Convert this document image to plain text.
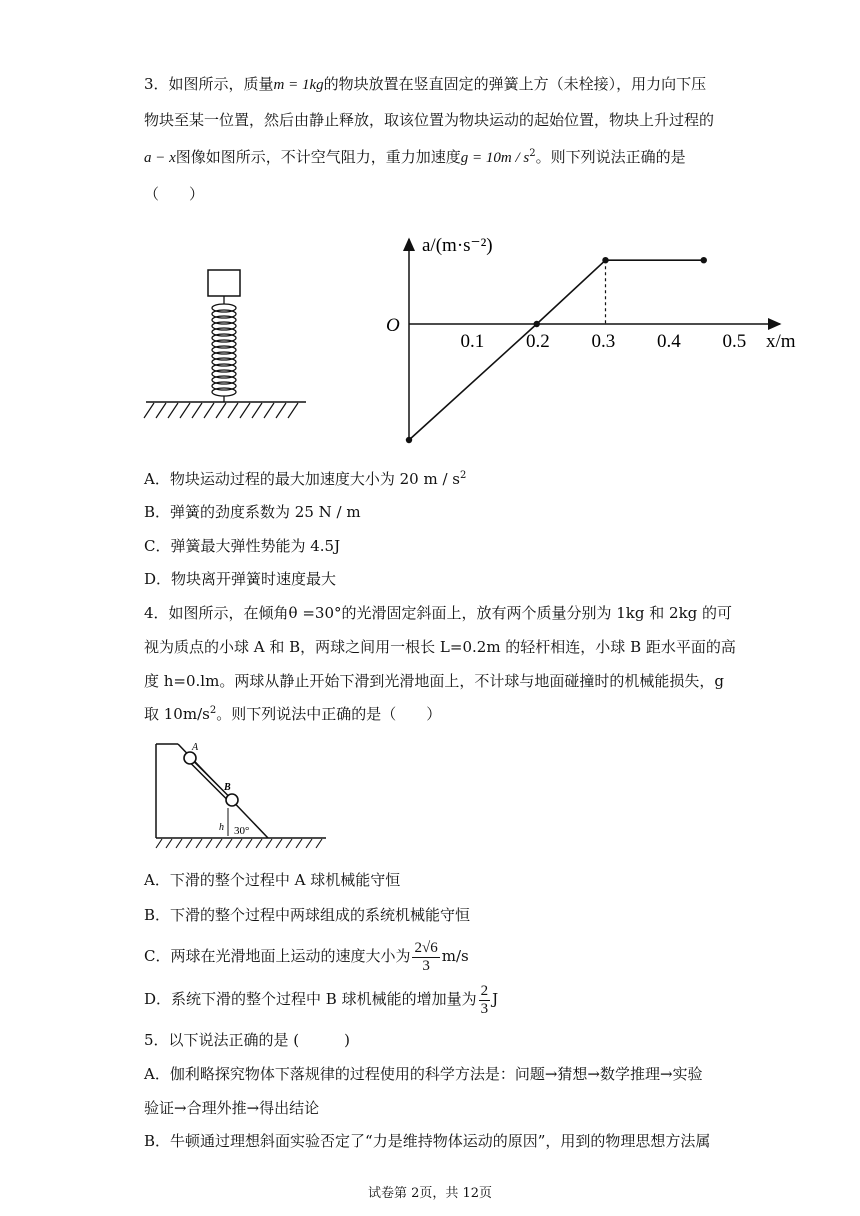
3．如图所示，质量m = 1kg的物块放置在竖直固定的弹簧上方（未栓接），用力向下压
物块至某一位置，然后由静止释放，取该位置为物块运动的起始位置，物块上升过程的
a − x图像如图所示，不计空气阻力，重力加速度$g = 10m / s^2$。则下列说法正确的是
（　　）
a/(m·s⁻²)
O
x/m
0.1 0.2 0.3 0.4 0.5
A．物块运动过程的最大加速度大小为 20 m / $s^2$
B．弹簧的劲度系数为 25 N / m
C．弹簧最大弹性势能为 4.5J
D．物块离开弹簧时速度最大
4．如图所示，在倾角θ =30°的光滑固定斜面上，放有两个质量分别为 1kg 和 2kg 的可
视为质点的小球 A 和 B，两球之间用一根长 L=0.2m 的轻杆相连，小球 B 距水平面的高
度 h=0.lm。两球从静止开始下滑到光滑地面上，不计球与地面碰撞时的机械能损失，g
取 $10m/s^2$。则下列说法中正确的是（　　）
A
B
h 30°
A．下滑的整个过程中 A 球机械能守恒
B．下滑的整个过程中两球组成的系统机械能守恒
C．两球在光滑地面上运动的速度大小为 $\frac{2√6}{3} m/s$
D．系统下滑的整个过程中 B 球机械能的增加量为 $\frac{2}{3}$ J
5．以下说法正确的是 (　　　)
A．伽利略探究物体下落规律的过程使用的科学方法是：问题→猜想→数学推理→实验
验证→合理外推→得出结论
B．牛顿通过理想斜面实验否定了“力是维持物体运动的原因”，用到的物理思想方法属
试卷第 2页，共 12页
